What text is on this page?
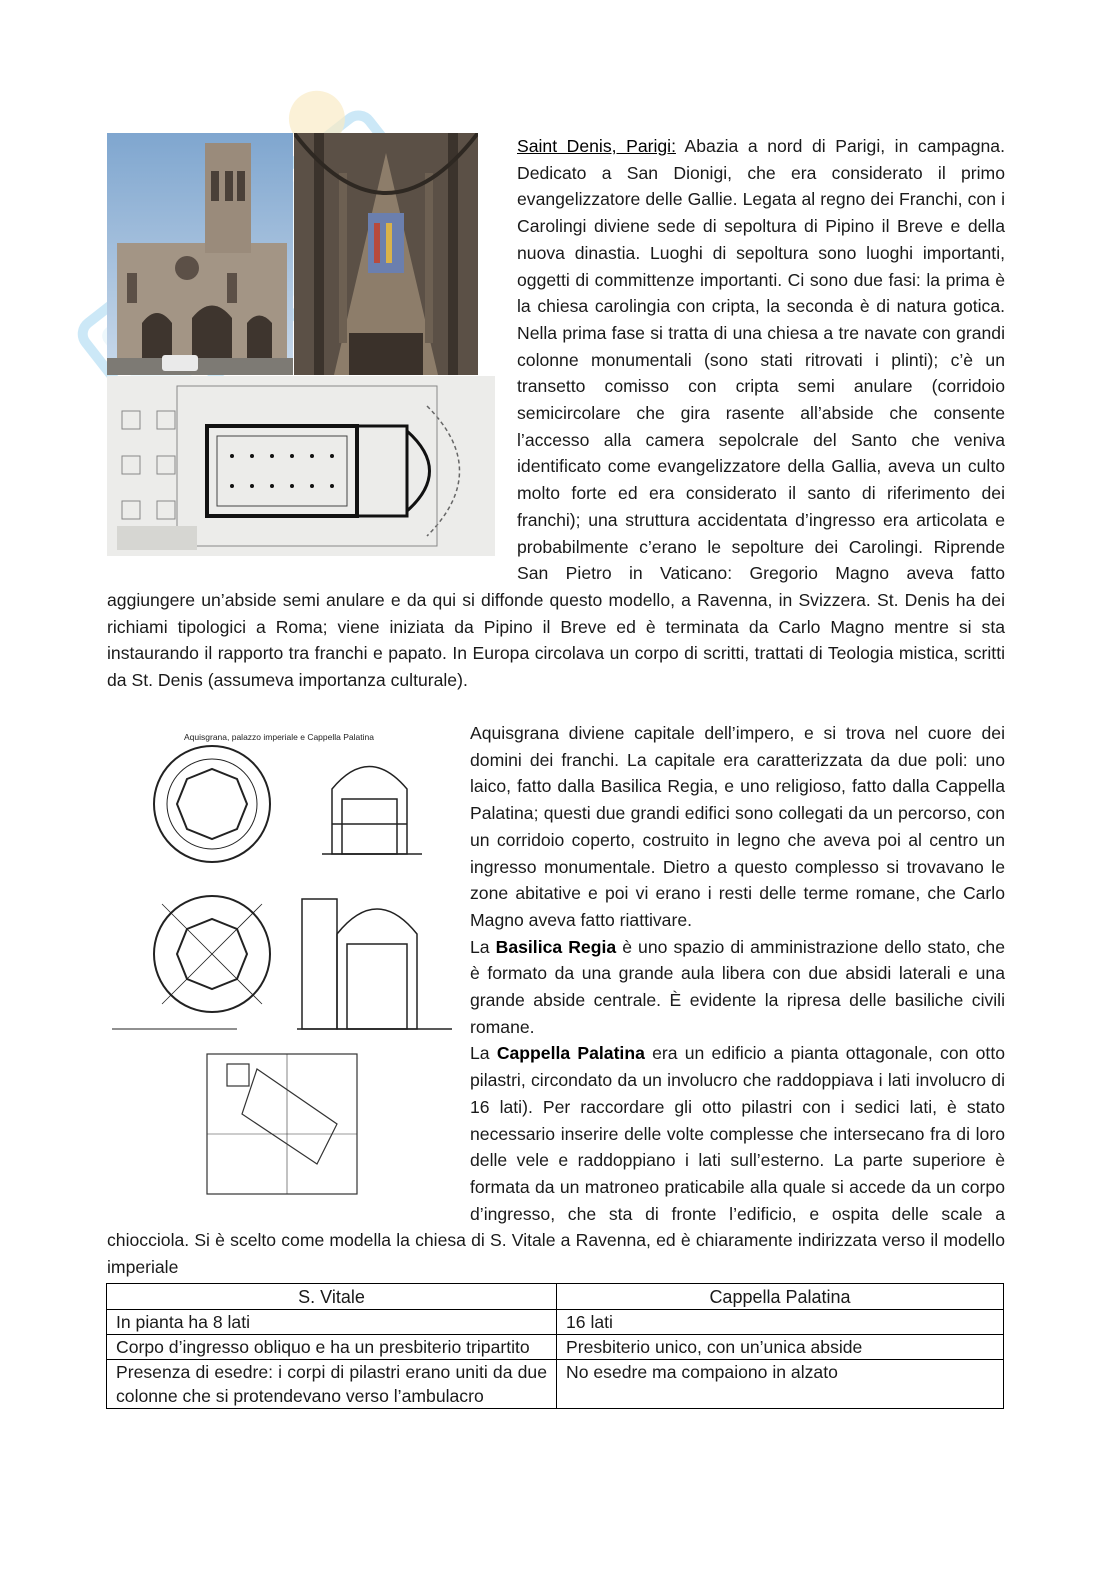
Aquisgrana, palazzo imperiale e Cappella Palatina

Saint Denis, Parigi: Abazia a nord di Parigi, in campagna. Dedicato a San Dionigi, che era considerato il primo evangelizzatore delle Gallie. Legata al regno dei Franchi, con i Carolingi diviene sede di sepoltura di Pipino il Breve e della nuova dinastia. Luoghi di sepoltura sono luoghi importanti, oggetti di committenze importanti. Ci sono due fasi: la prima è la chiesa carolingia con cripta, la seconda è di natura gotica. Nella prima fase si tratta di una chiesa a tre navate con grandi colonne monumentali (sono stati ritrovati i plinti); c’è un transetto comisso con cripta semi anulare (corridoio semicircolare che gira rasente all’abside che consente l’accesso alla camera sepolcrale del Santo che veniva identificato come evangelizzatore della Gallia, aveva un culto molto forte ed era considerato il santo di riferimento dei franchi); una struttura accidentata d’ingresso era articolata e probabilmente c’erano le sepolture dei Carolingi. Riprende San Pietro in Vaticano: Gregorio Magno aveva fatto aggiungere un’abside semi anulare e da qui si diffonde questo modello, a Ravenna, in Svizzera. St. Denis ha dei richiami tipologici a Roma; viene iniziata da Pipino il Breve ed è terminata da Carlo Magno mentre si sta instaurando il rapporto tra franchi e papato. In Europa circolava un corpo di scritti, trattati di Teologia mistica, scritti da St. Denis (assumeva importanza culturale).

Aquisgrana diviene capitale dell’impero, e si trova nel cuore dei domini dei franchi. La capitale era caratterizzata da due poli: uno laico, fatto dalla Basilica Regia, e uno religioso, fatto dalla Cappella Palatina; questi due grandi edifici sono collegati da un percorso, con un corridoio coperto, costruito in legno che aveva poi al centro un ingresso monumentale. Dietro a questo complesso si trovavano le zone abitative e poi vi erano i resti delle terme romane, che Carlo Magno aveva fatto riattivare.

La Basilica Regia è uno spazio di amministrazione dello stato, che è formato da una grande aula libera con due absidi laterali e una grande abside centrale. È evidente la ripresa delle basiliche civili romane.

La Cappella Palatina era un edificio a pianta ottagonale, con otto pilastri, circondato da un involucro che raddoppiava i lati involucro di 16 lati). Per raccordare gli otto pilastri con i sedici lati, è stato necessario inserire delle volte complesse che intersecano fra di loro delle vele e raddoppiano i lati sull’esterno. La parte superiore è formata da un matroneo praticabile alla quale si accede da un corpo d’ingresso, che sta di fronte l’edificio, e ospita delle scale a chiocciola. Si è scelto come modella la chiesa di S. Vitale a Ravenna, ed è chiaramente indirizzata verso il modello imperiale

S. Vitale	Cappella Palatina
In pianta ha 8 lati	16 lati
Corpo d’ingresso obliquo e ha un presbiterio tripartito	Presbiterio unico, con un’unica abside
Presenza di esedre: i corpi di pilastri erano uniti da due colonne che si protendevano verso l’ambulacro	No esedre ma compaiono in alzato
